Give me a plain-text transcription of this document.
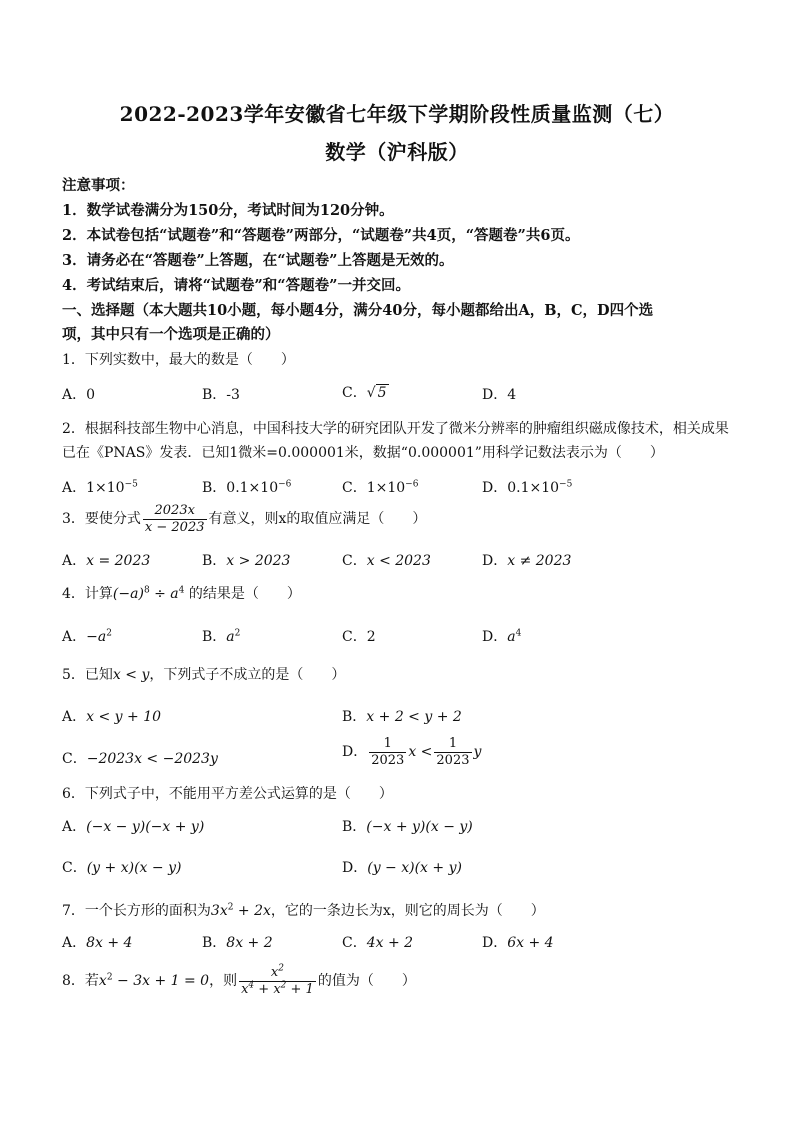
2022-2023学年安徽省七年级下学期阶段性质量监测（七）
数学（沪科版）
注意事项：
1．数学试卷满分为150分，考试时间为120分钟。
2．本试卷包括“试题卷”和“答题卷”两部分，“试题卷”共4页，“答题卷”共6页。
3．请务必在“答题卷”上答题，在“试题卷”上答题是无效的。
4．考试结束后，请将“试题卷”和“答题卷”一并交回。
一、选择题（本大题共10小题，每小题4分，满分40分，每小题都给出A，B，C，D四个选
项，其中只有一个选项是正确的）
1．下列实数中，最大的数是（　　）
A．0	B．-3	C．√ 5	D．4
2．根据科技部生物中心消息，中国科技大学的研究团队开发了微米分辨率的肿瘤组织磁成像技术，相关成果
已在《PNAS》发表．已知1微米=0.000001米，数据“0.000001”用科学记数法表示为（　　）
A．$1\times 10^{-5}$	B．$0.1\times 10^{-6}$	C．$1\times 10^{-6}$	D．$0.1\times 10^{-5}$
3．要使分式 $\frac{2023x}{x - 2023}$ 有意义，则x的取值应满足（　　）
A．x = 2023	B．x > 2023	C．x < 2023	D．x ≠ 2023
4．计算$(-a)^8 \div a^4$ 的结果是（　　）
A．$-a^2$	B．$a^2$	C．2	D．$a^4$
5．已知x < y，下列式子不成立的是（　　）
A．x < y + 10	B．x + 2 < y + 2
C．−2023x < −2023y	D． $\frac{1}{2023}$ $x < \frac{1}{2023}$ y
6．下列式子中，不能用平方差公式运算的是（　　）
A．(−x − y)(−x + y)	B．(−x + y)(x − y)
C．(y + x)(x − y)	D．(y − x)(x + y)
7．一个长方形的面积为$3x^2 + 2x$，它的一条边长为x，则它的周长为（　　）
A．8x + 4	B．8x + 2	C．4x + 2	D．6x + 4
8．若$x^2 - 3x + 1 = 0$，则 $\frac{x^2}{x^4 + x^2 + 1}$ 的值为（　　）
